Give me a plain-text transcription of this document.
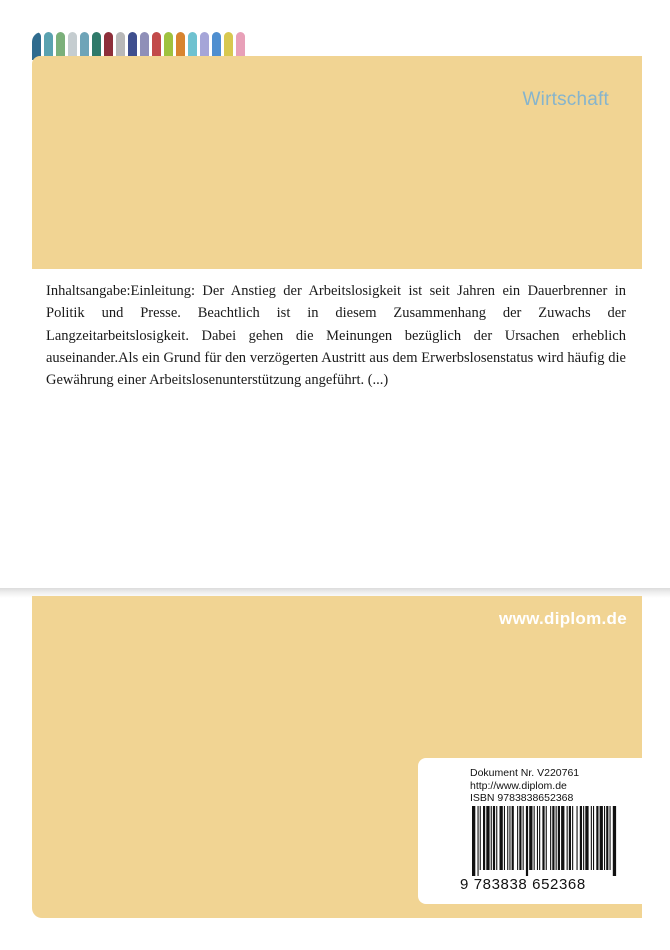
Wirtschaft

Inhaltsangabe:Einleitung: Der Anstieg der Arbeitslosigkeit ist seit Jahren ein Dauerbrenner in Politik und Presse. Beachtlich ist in diesem Zusammenhang der Zuwachs der Langzeitarbeitslosigkeit. Dabei gehen die Meinungen bezüglich der Ursachen erheblich auseinander.Als ein Grund für den verzögerten Austritt aus dem Erwerbslosenstatus wird häufig die Gewährung einer Arbeitslosenunterstützung angeführt. (...)

www.diplom.de
Dokument Nr. V220761
http://www.diplom.de
ISBN 9783838652368
9 783838 652368
